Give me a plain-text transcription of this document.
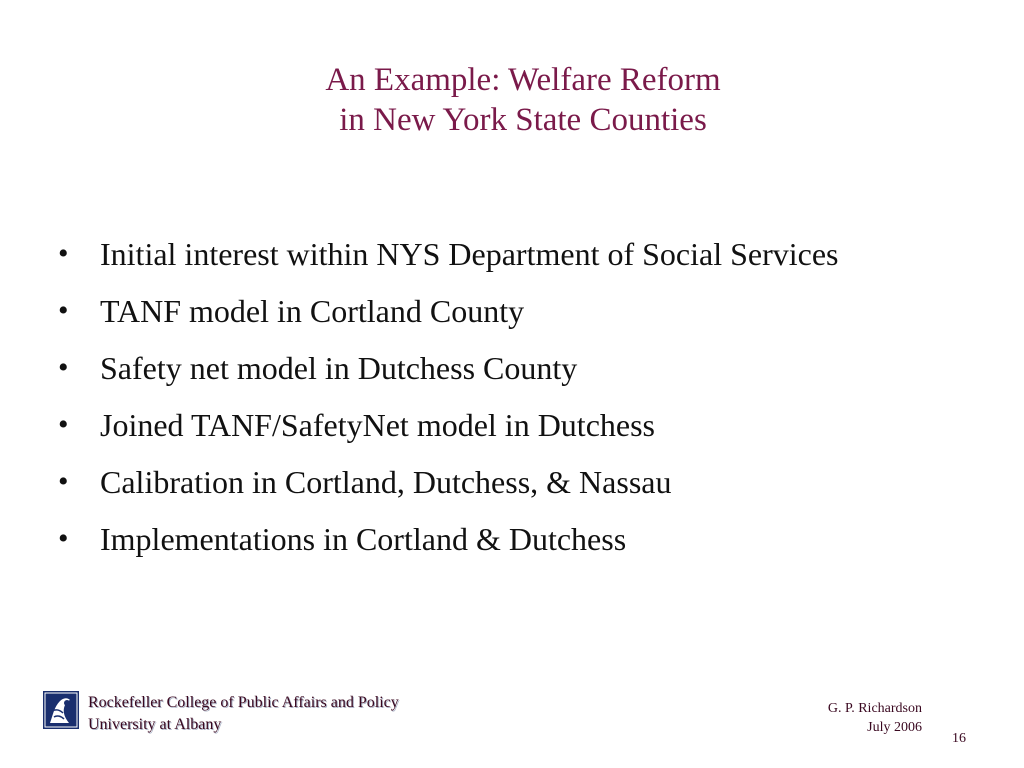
An Example: Welfare Reform
in New York State Counties
• Initial interest within NYS Department of Social Services
• TANF model in Cortland County
• Safety net model in Dutchess County
• Joined TANF/SafetyNet model in Dutchess
• Calibration in Cortland, Dutchess, & Nassau
• Implementations in Cortland & Dutchess
Rockefeller College of Public Affairs and Policy
University at Albany
G. P. Richardson
July 2006
16
